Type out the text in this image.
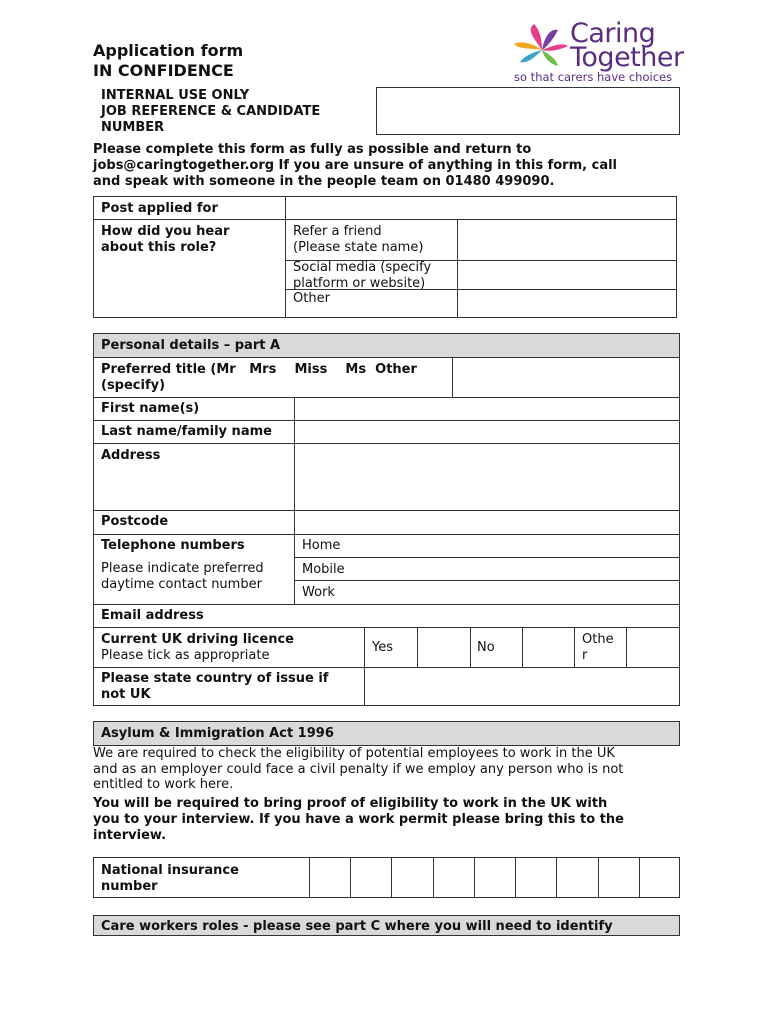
Application form
IN CONFIDENCE
INTERNAL USE ONLY
JOB REFERENCE & CANDIDATE
NUMBER
Caring
Together
so that carers have choices
Please complete this form as fully as possible and return to
jobs@caringtogether.org If you are unsure of anything in this form, call
and speak with someone in the people team on 01480 499090.
Post applied for
How did you hear
about this role?
Refer a friend
(Please state name)
Social media (specify
platform or website)
Other
Personal details – part A
Preferred title (Mr   Mrs    Miss    Ms  Other
(specify)
First name(s)
Last name/family name
Address
Postcode
Telephone numbers
Please indicate preferred
daytime contact number
Home
Mobile
Work
Email address
Current UK driving licence
Please tick as appropriate
Yes	No
Othe
r
Please state country of issue if
not UK
Asylum & Immigration Act 1996
We are required to check the eligibility of potential employees to work in the UK
and as an employer could face a civil penalty if we employ any person who is not
entitled to work here.
You will be required to bring proof of eligibility to work in the UK with
you to your interview. If you have a work permit please bring this to the
interview.
National insurance
number
Care workers roles - please see part C where you will need to identify
